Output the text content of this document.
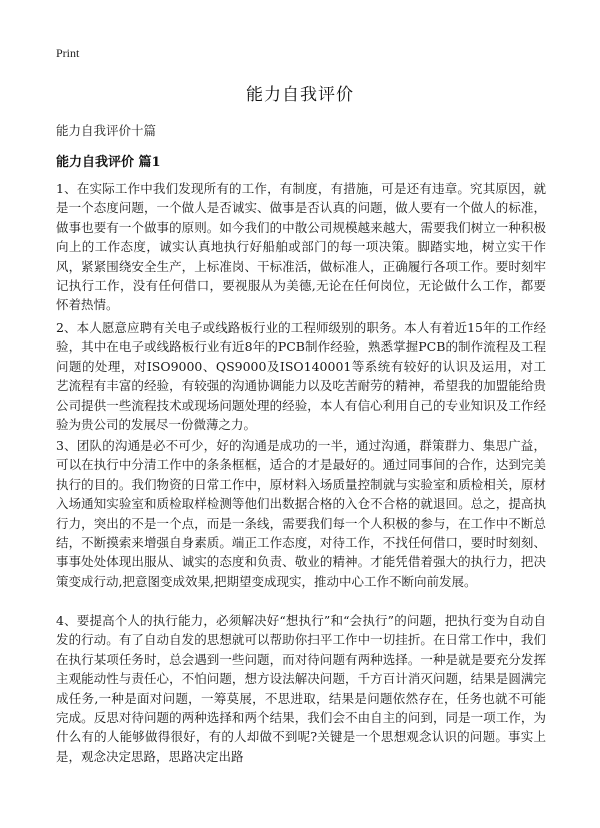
Print
能力自我评价
能力自我评价十篇
能力自我评价 篇1

1、在实际工作中我们发现所有的工作，有制度，有措施，可是还有违章。究其原因，就是一个态度问题，一个做人是否诚实、做事是否认真的问题，做人要有一个做人的标准，做事也要有一个做事的原则。如今我们的中散公司规模越来越大，需要我们树立一种积极向上的工作态度，诚实认真地执行好船舶或部门的每一项决策。脚踏实地，树立实干作风，紧紧围绕安全生产，上标准岗、干标准活，做标准人，正确履行各项工作。要时刻牢记执行工作，没有任何借口，要视服从为美德,无论在任何岗位，无论做什么工作，都要怀着热情。

2、本人愿意应聘有关电子或线路板行业的工程师级别的职务。本人有着近15年的工作经验，其中在电子或线路板行业有近8年的PCB制作经验，熟悉掌握PCB的制作流程及工程问题的处理，对ISO9000、QS9000及ISO140001等系统有较好的认识及运用，对工艺流程有丰富的经验，有较强的沟通协调能力以及吃苦耐劳的精神，希望我的加盟能给贵公司提供一些流程技术或现场问题处理的经验，本人有信心利用自己的专业知识及工作经验为贵公司的发展尽一份微薄之力。

3、团队的沟通是必不可少，好的沟通是成功的一半，通过沟通，群策群力、集思广益，可以在执行中分清工作中的条条框框，适合的才是最好的。通过同事间的合作，达到完美执行的目的。我们物资的日常工作中，原材料入场质量控制就与实验室和质检相关，原材入场通知实验室和质检取样检测等他们出数据合格的入仓不合格的就退回。总之，提高执行力，突出的不是一个点，而是一条线，需要我们每一个人积极的参与，在工作中不断总结，不断摸索来增强自身素质。端正工作态度，对待工作，不找任何借口，要时时刻刻、事事处处体现出服从、诚实的态度和负责、敬业的精神。才能凭借着强大的执行力，把决策变成行动,把意图变成效果,把期望变成现实，推动中心工作不断向前发展。

4、要提高个人的执行能力，必须解决好“想执行”和“会执行”的问题，把执行变为自动自发的行动。有了自动自发的思想就可以帮助你扫平工作中一切挂折。在日常工作中，我们在执行某项任务时，总会遇到一些问题，而对待问题有两种选择。一种是就是要充分发挥主观能动性与责任心，不怕问题，想方设法解决问题，千方百计消灭问题，结果是圆满完成任务,一种是面对问题，一筹莫展，不思进取，结果是问题依然存在，任务也就不可能完成。反思对待问题的两种选择和两个结果，我们会不由自主的问到，同是一项工作，为什么有的人能够做得很好，有的人却做不到呢?关键是一个思想观念认识的问题。事实上是，观念决定思路，思路决定出路
